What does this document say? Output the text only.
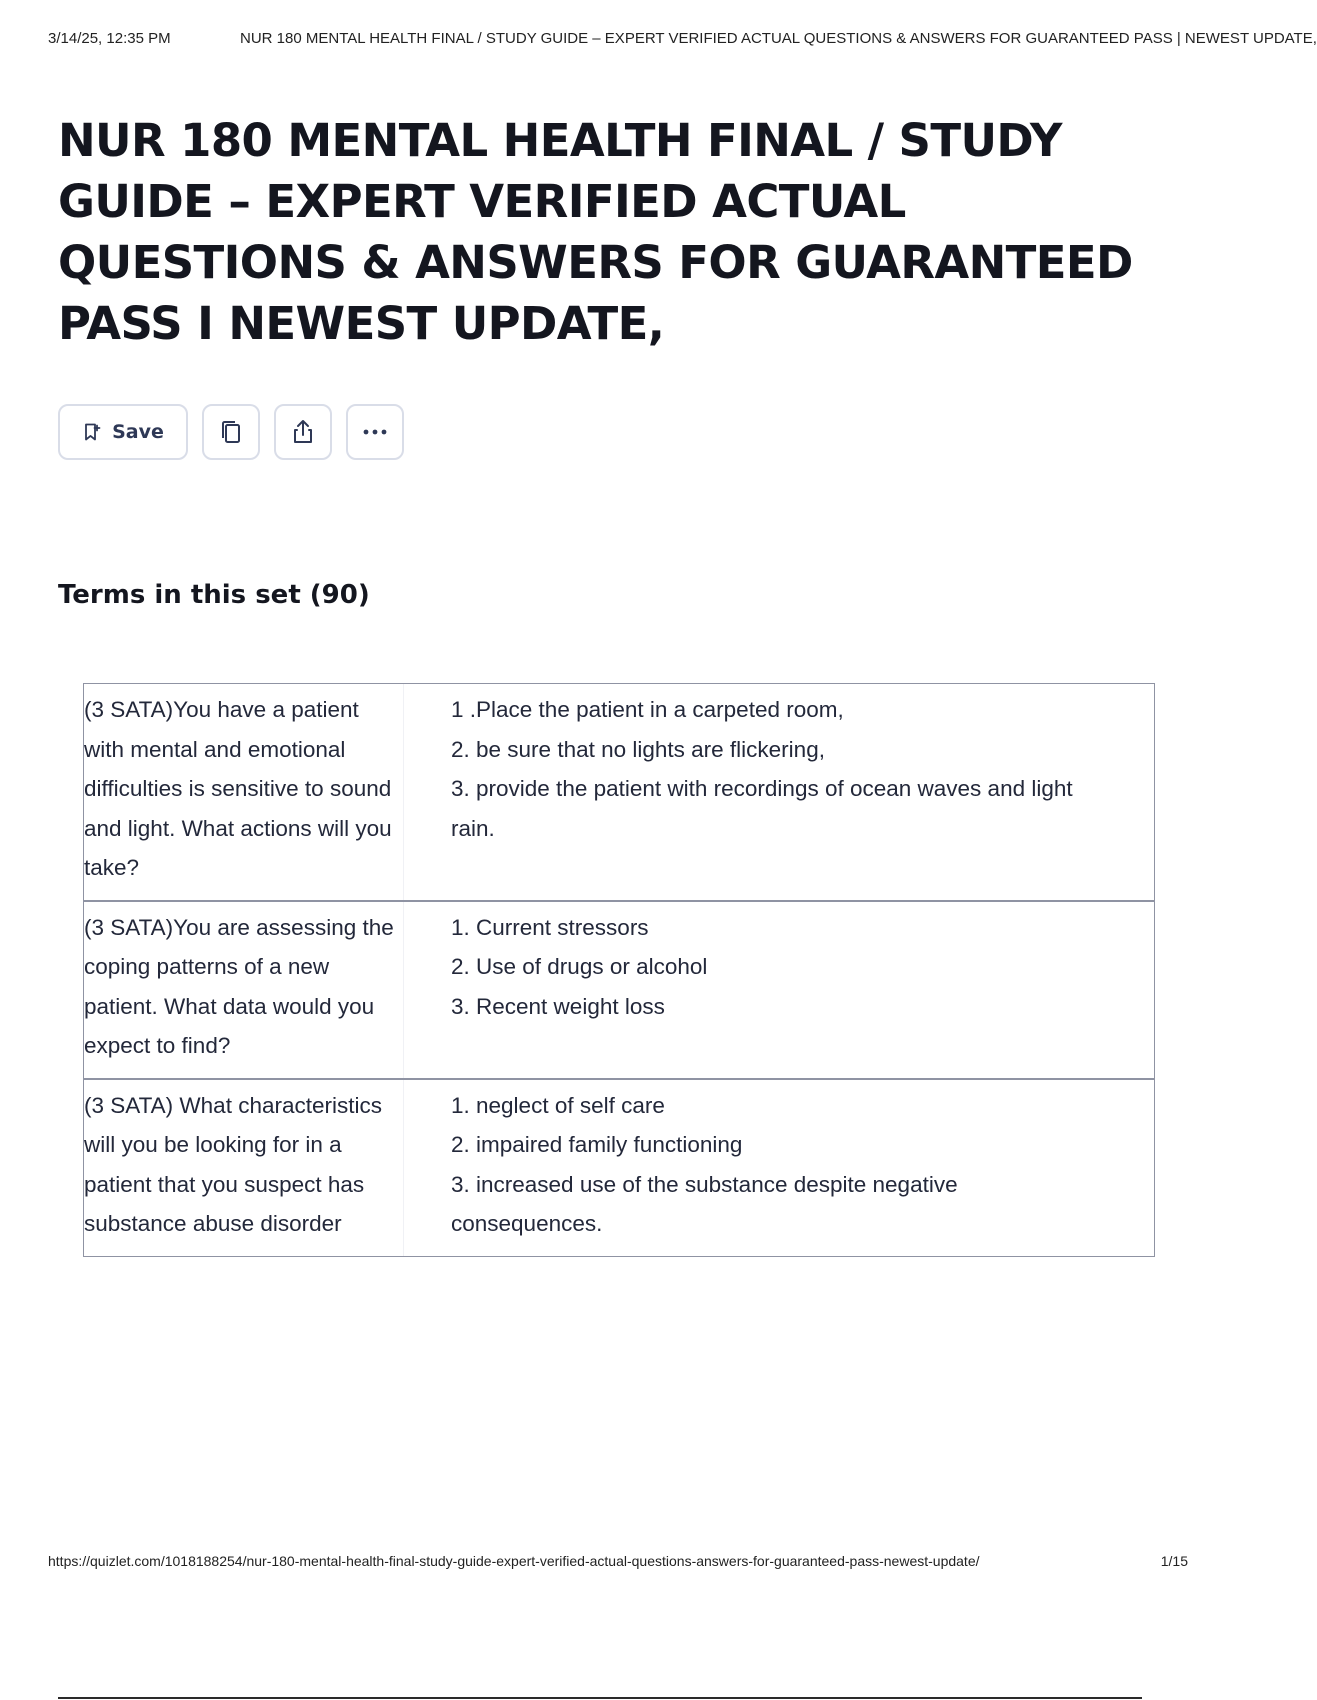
3/14/25, 12:35 PM	NUR 180 MENTAL HEALTH FINAL / STUDY GUIDE – EXPERT VERIFIED ACTUAL QUESTIONS & ANSWERS FOR GUARANTEED PASS | NEWEST UPDATE,
NUR 180 MENTAL HEALTH FINAL / STUDY GUIDE – EXPERT VERIFIED ACTUAL QUESTIONS & ANSWERS FOR GUARANTEED PASS I NEWEST UPDATE,
Save
Terms in this set (90)
(3 SATA)You have a patient with mental and emotional difficulties is sensitive to sound and light. What actions will you take?
1 .Place the patient in a carpeted room,
2. be sure that no lights are flickering,
3. provide the patient with recordings of ocean waves and light rain.
(3 SATA)You are assessing the coping patterns of a new patient. What data would you expect to find?
1. Current stressors
2. Use of drugs or alcohol
3. Recent weight loss
(3 SATA) What characteristics will you be looking for in a patient that you suspect has substance abuse disorder
1. neglect of self care
2. impaired family functioning
3. increased use of the substance despite negative consequences.
https://quizlet.com/1018188254/nur-180-mental-health-final-study-guide-expert-verified-actual-questions-answers-for-guaranteed-pass-newest-update/	1/15
